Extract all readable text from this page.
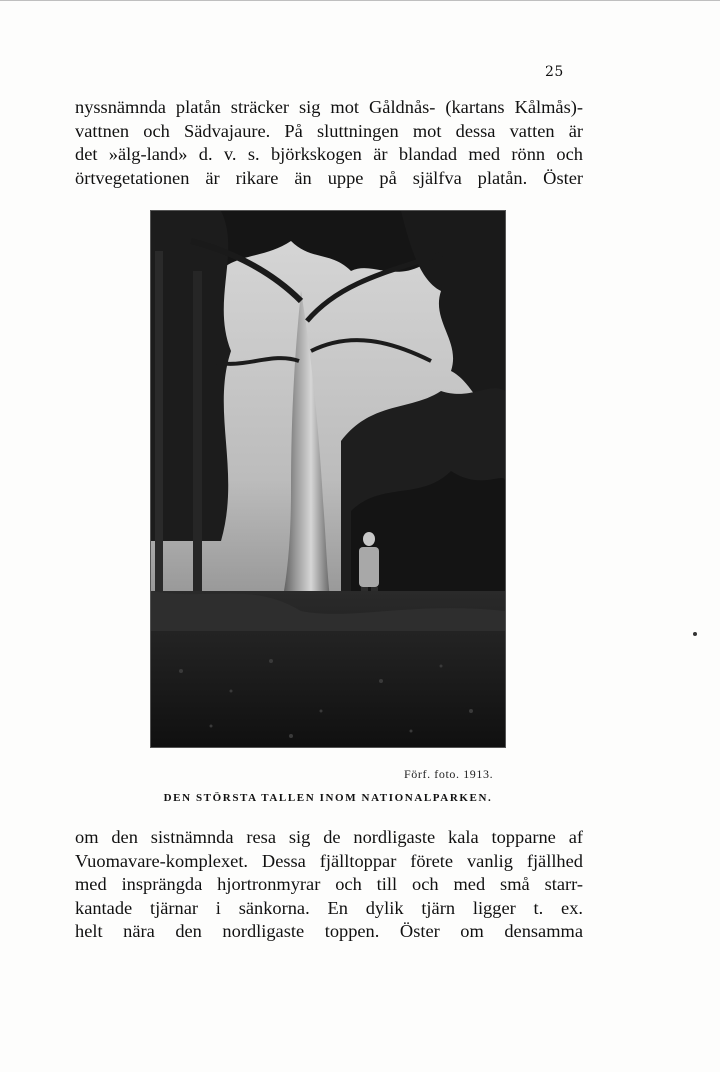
25
nyssnämnda platån sträcker sig mot Gåldnås- (kartans Kålmås)-
vattnen och Sädvajaure. På sluttningen mot dessa vatten är
det »älg-land» d. v. s. björkskogen är blandad med rönn och
örtvegetationen är rikare än uppe på själfva platån. Öster
Förf. foto. 1913.
DEN STÖRSTA TALLEN INOM NATIONALPARKEN.
om den sistnämnda resa sig de nordligaste kala topparne af
Vuomavare-komplexet. Dessa fjälltoppar förete vanlig fjällhed
med insprängda hjortronmyrar och till och med små starr-
kantade tjärnar i sänkorna. En dylik tjärn ligger t. ex.
helt nära den nordligaste toppen. Öster om densamma
